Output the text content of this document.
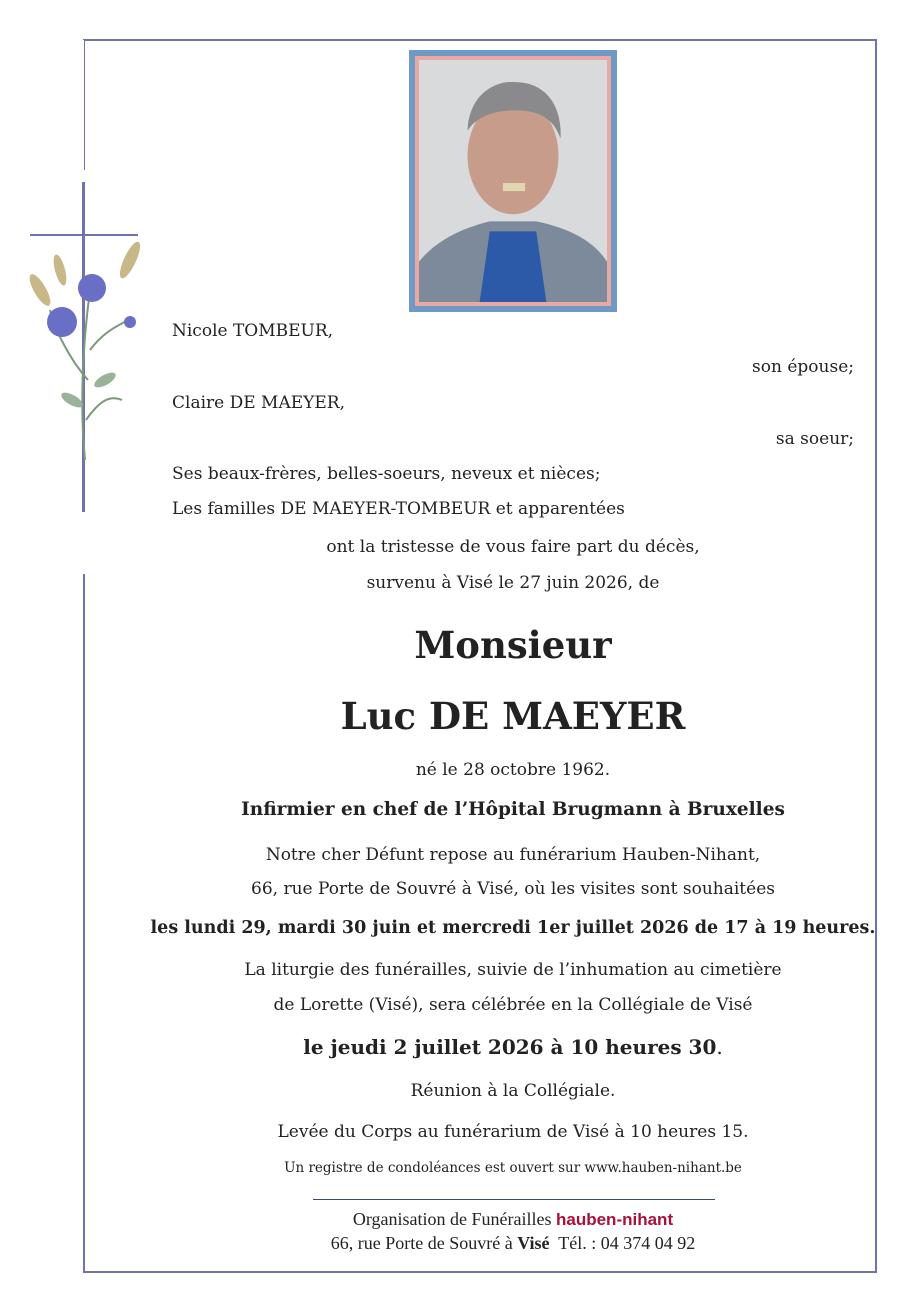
Nicole TOMBEUR,
son épouse;
Claire DE MAEYER,
sa soeur;
Ses beaux-frères, belles-soeurs, neveux et nièces;
Les familles DE MAEYER-TOMBEUR et apparentées
ont la tristesse de vous faire part du décès,
survenu à Visé le 27 juin 2026, de
Monsieur
Luc DE MAEYER
né le 28 octobre 1962.
Infirmier en chef de l’Hôpital Brugmann à Bruxelles
Notre cher Défunt repose au funérarium Hauben-Nihant,
66, rue Porte de Souvré à Visé, où les visites sont souhaitées
les lundi 29, mardi 30 juin et mercredi 1er juillet 2026 de 17 à 19 heures.
La liturgie des funérailles, suivie de l’inhumation au cimetière
de Lorette (Visé), sera célébrée en la Collégiale de Visé
le jeudi 2 juillet 2026 à 10 heures 30.
Réunion à la Collégiale.
Levée du Corps au funérarium de Visé à 10 heures 15.
Un registre de condoléances est ouvert sur www.hauben-nihant.be
Organisation de Funérailles hauben-nihant
66, rue Porte de Souvré à Visé Tél. : 04 374 04 92
